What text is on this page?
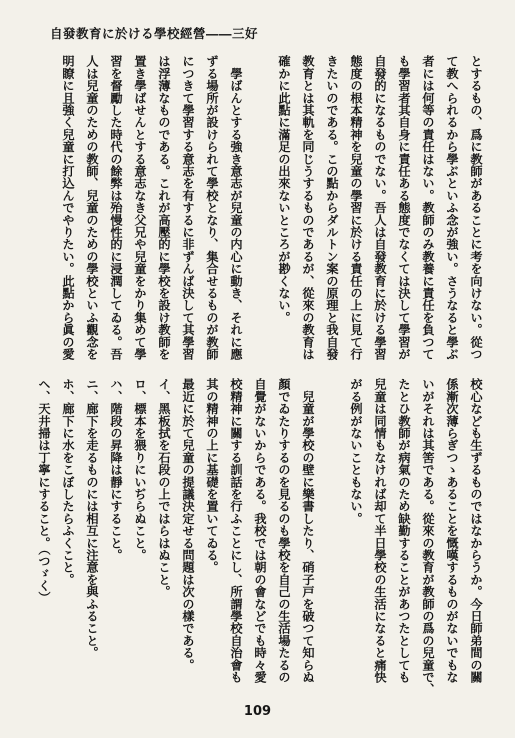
自發教育に於ける學校經營――三好
とするもの、爲に教師があることに考を向けない。從つ
て教へられるから學ぶといふ念が強い。さうなると學ぶ
者には何等の責任はない。教師のみ教養に責任を負つて
も學習者其自身に責任ある態度でなくては決して學習が
自發的になるものでない。吾人は自發教育に於ける學習
態度の根本精神を兒童の學習に於ける責任の上に見て行
きたいのである。この點からダルトン案の原理と我自發
教育とは其軌を同じうするものであるが、從來の教育は
確かに此點に滿足の出來ないところが尠くない。
　學ばんとする強き意志が兒童の内心に動き、それに應
ずる場所が設けられて學校となり、集合せるものが教師
につきて學習する意志を有するに非ずんば決して其學習
は浮薄なものである。これが高壓的に學校を設け教師を
置き學ばせんとする意志なき父兄や兒童をかり集めて學
習を督勵した時代の餘弊は殆慢性的に浸潤してゐる。吾
人は兒童のための教師、兒童のための學校といふ觀念を
明瞭に且強く兒童に打込んでやりたい。此點から眞の愛
校心なども生ずるものではなからうか。今日師弟間の關
係漸次薄らぎつゝあることを慨嘆するものがないでもな
いがそれは其筈である。從來の教育が教師の爲の兒童で、
たとひ教師が病氣のため缺勤することがあつたとしても
兒童は同情もなければ却て半日學校の生活になると痛快
がる例がないこともない。
　兒童が學校の壁に樂書したり、硝子戸を破つて知らぬ
顏でゐたりするのを見るのも學校を自己の生活場たるの
自覺がないからである。我校では朝の會などでも時々愛
校精神に關する訓話を行ふことにし、所謂學校自治會も
其の精神の上に基礎を置いてゐる。
最近に於て兒童の提議決定せる問題は次の樣である。
イ、黑板拭を石段の上ではらはぬこと。
ロ、標本を猥りにいぢらぬこと。
ハ、階段の昇降は靜にすること。
ニ、廊下を走るものには相互に注意を與ふること。
ホ、廊下に水をこぼしたらふくこと。
ヘ、天井掃は丁寧にすること。（つゞく）
109
